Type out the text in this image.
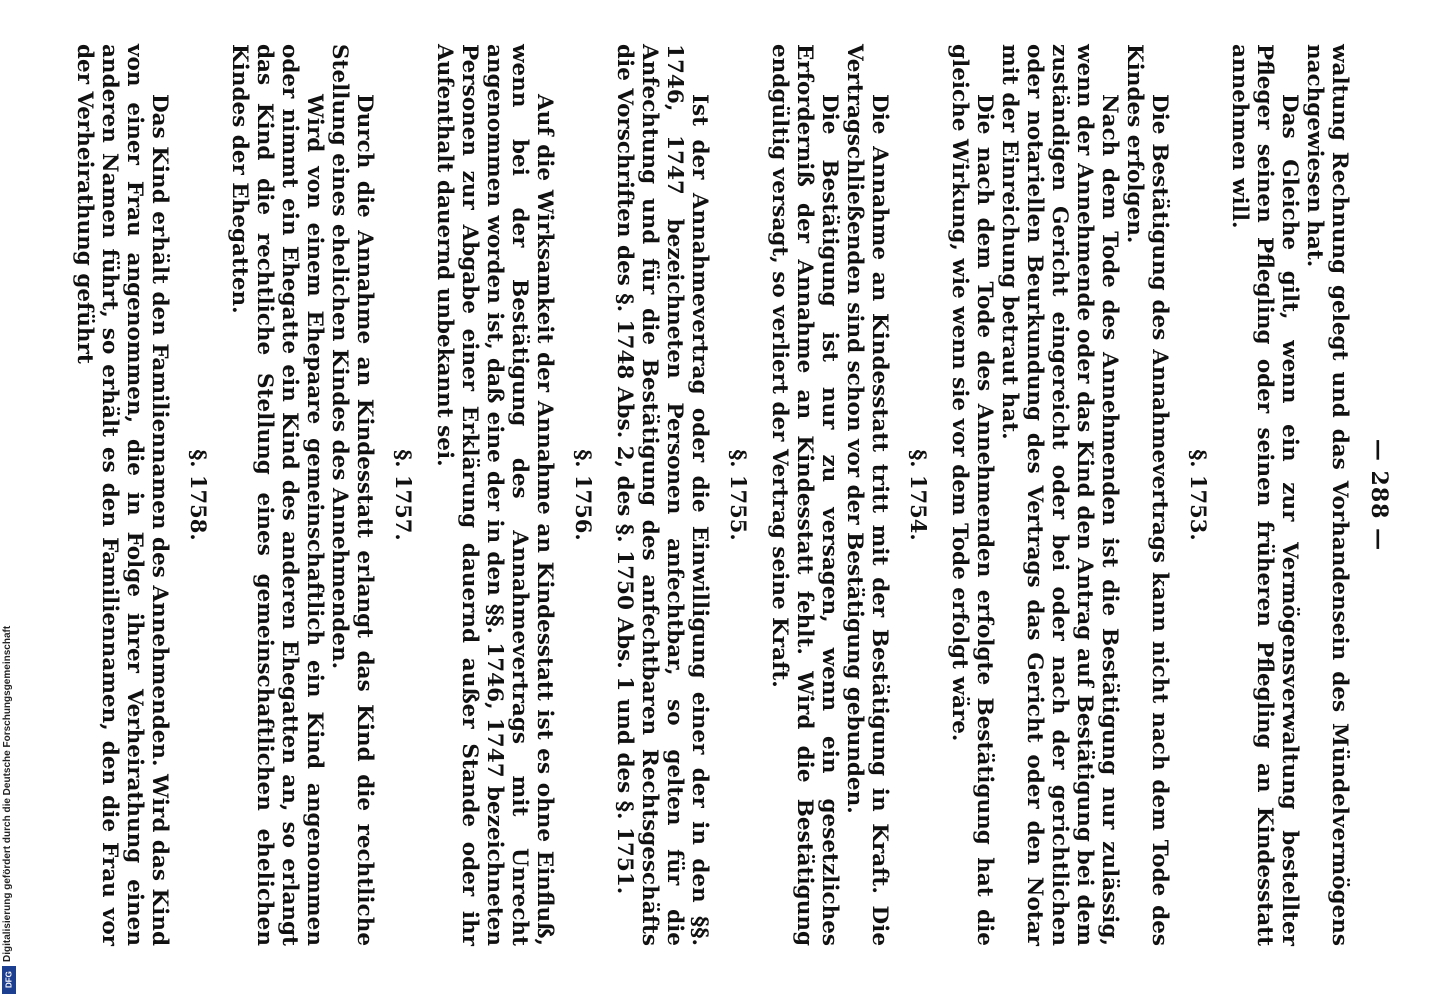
— 288 —
waltung Rechnung gelegt und das Vorhandensein des Mündelvermögens nachgewiesen hat.
Das Gleiche gilt, wenn ein zur Vermögensverwaltung bestellter Pfleger seinen Pflegling oder seinen früheren Pflegling an Kindesstatt annehmen will.
§. 1753.
Die Bestätigung des Annahmevertrags kann nicht nach dem Tode des Kindes erfolgen.
Nach dem Tode des Annehmenden ist die Bestätigung nur zulässig, wenn der Annehmende oder das Kind den Antrag auf Bestätigung bei dem zuständigen Gericht eingereicht oder bei oder nach der gerichtlichen oder notariellen Beurkundung des Vertrags das Gericht oder den Notar mit der Einreichung betraut hat.
Die nach dem Tode des Annehmenden erfolgte Bestätigung hat die gleiche Wirkung, wie wenn sie vor dem Tode erfolgt wäre.
§. 1754.
Die Annahme an Kindesstatt tritt mit der Bestätigung in Kraft. Die Vertragschließenden sind schon vor der Bestätigung gebunden.
Die Bestätigung ist nur zu versagen, wenn ein gesetzliches Erforderniß der Annahme an Kindesstatt fehlt. Wird die Bestätigung endgültig versagt, so verliert der Vertrag seine Kraft.
§. 1755.
Ist der Annahmevertrag oder die Einwilligung einer der in den §§. 1746, 1747 bezeichneten Personen anfechtbar, so gelten für die Anfechtung und für die Bestätigung des anfechtbaren Rechtsgeschäfts die Vorschriften des §. 1748 Abs. 2, des §. 1750 Abs. 1 und des §. 1751.
§. 1756.
Auf die Wirksamkeit der Annahme an Kindesstatt ist es ohne Einfluß, wenn bei der Bestätigung des Annahmevertrags mit Unrecht angenommen worden ist, daß eine der in den §§. 1746, 1747 bezeichneten Personen zur Abgabe einer Erklärung dauernd außer Stande oder ihr Aufenthalt dauernd unbekannt sei.
§. 1757.
Durch die Annahme an Kindesstatt erlangt das Kind die rechtliche Stellung eines ehelichen Kindes des Annehmenden.
Wird von einem Ehepaare gemeinschaftlich ein Kind angenommen oder nimmt ein Ehegatte ein Kind des anderen Ehegatten an, so erlangt das Kind die rechtliche Stellung eines gemeinschaftlichen ehelichen Kindes der Ehegatten.
§. 1758.
Das Kind erhält den Familiennamen des Annehmenden. Wird das Kind von einer Frau angenommen, die in Folge ihrer Verheirathung einen anderen Namen führt, so erhält es den Familiennamen, den die Frau vor der Verheirathung geführt
Digitalisierung gefördert durch die Deutsche Forschungsgemeinschaft
DFG
